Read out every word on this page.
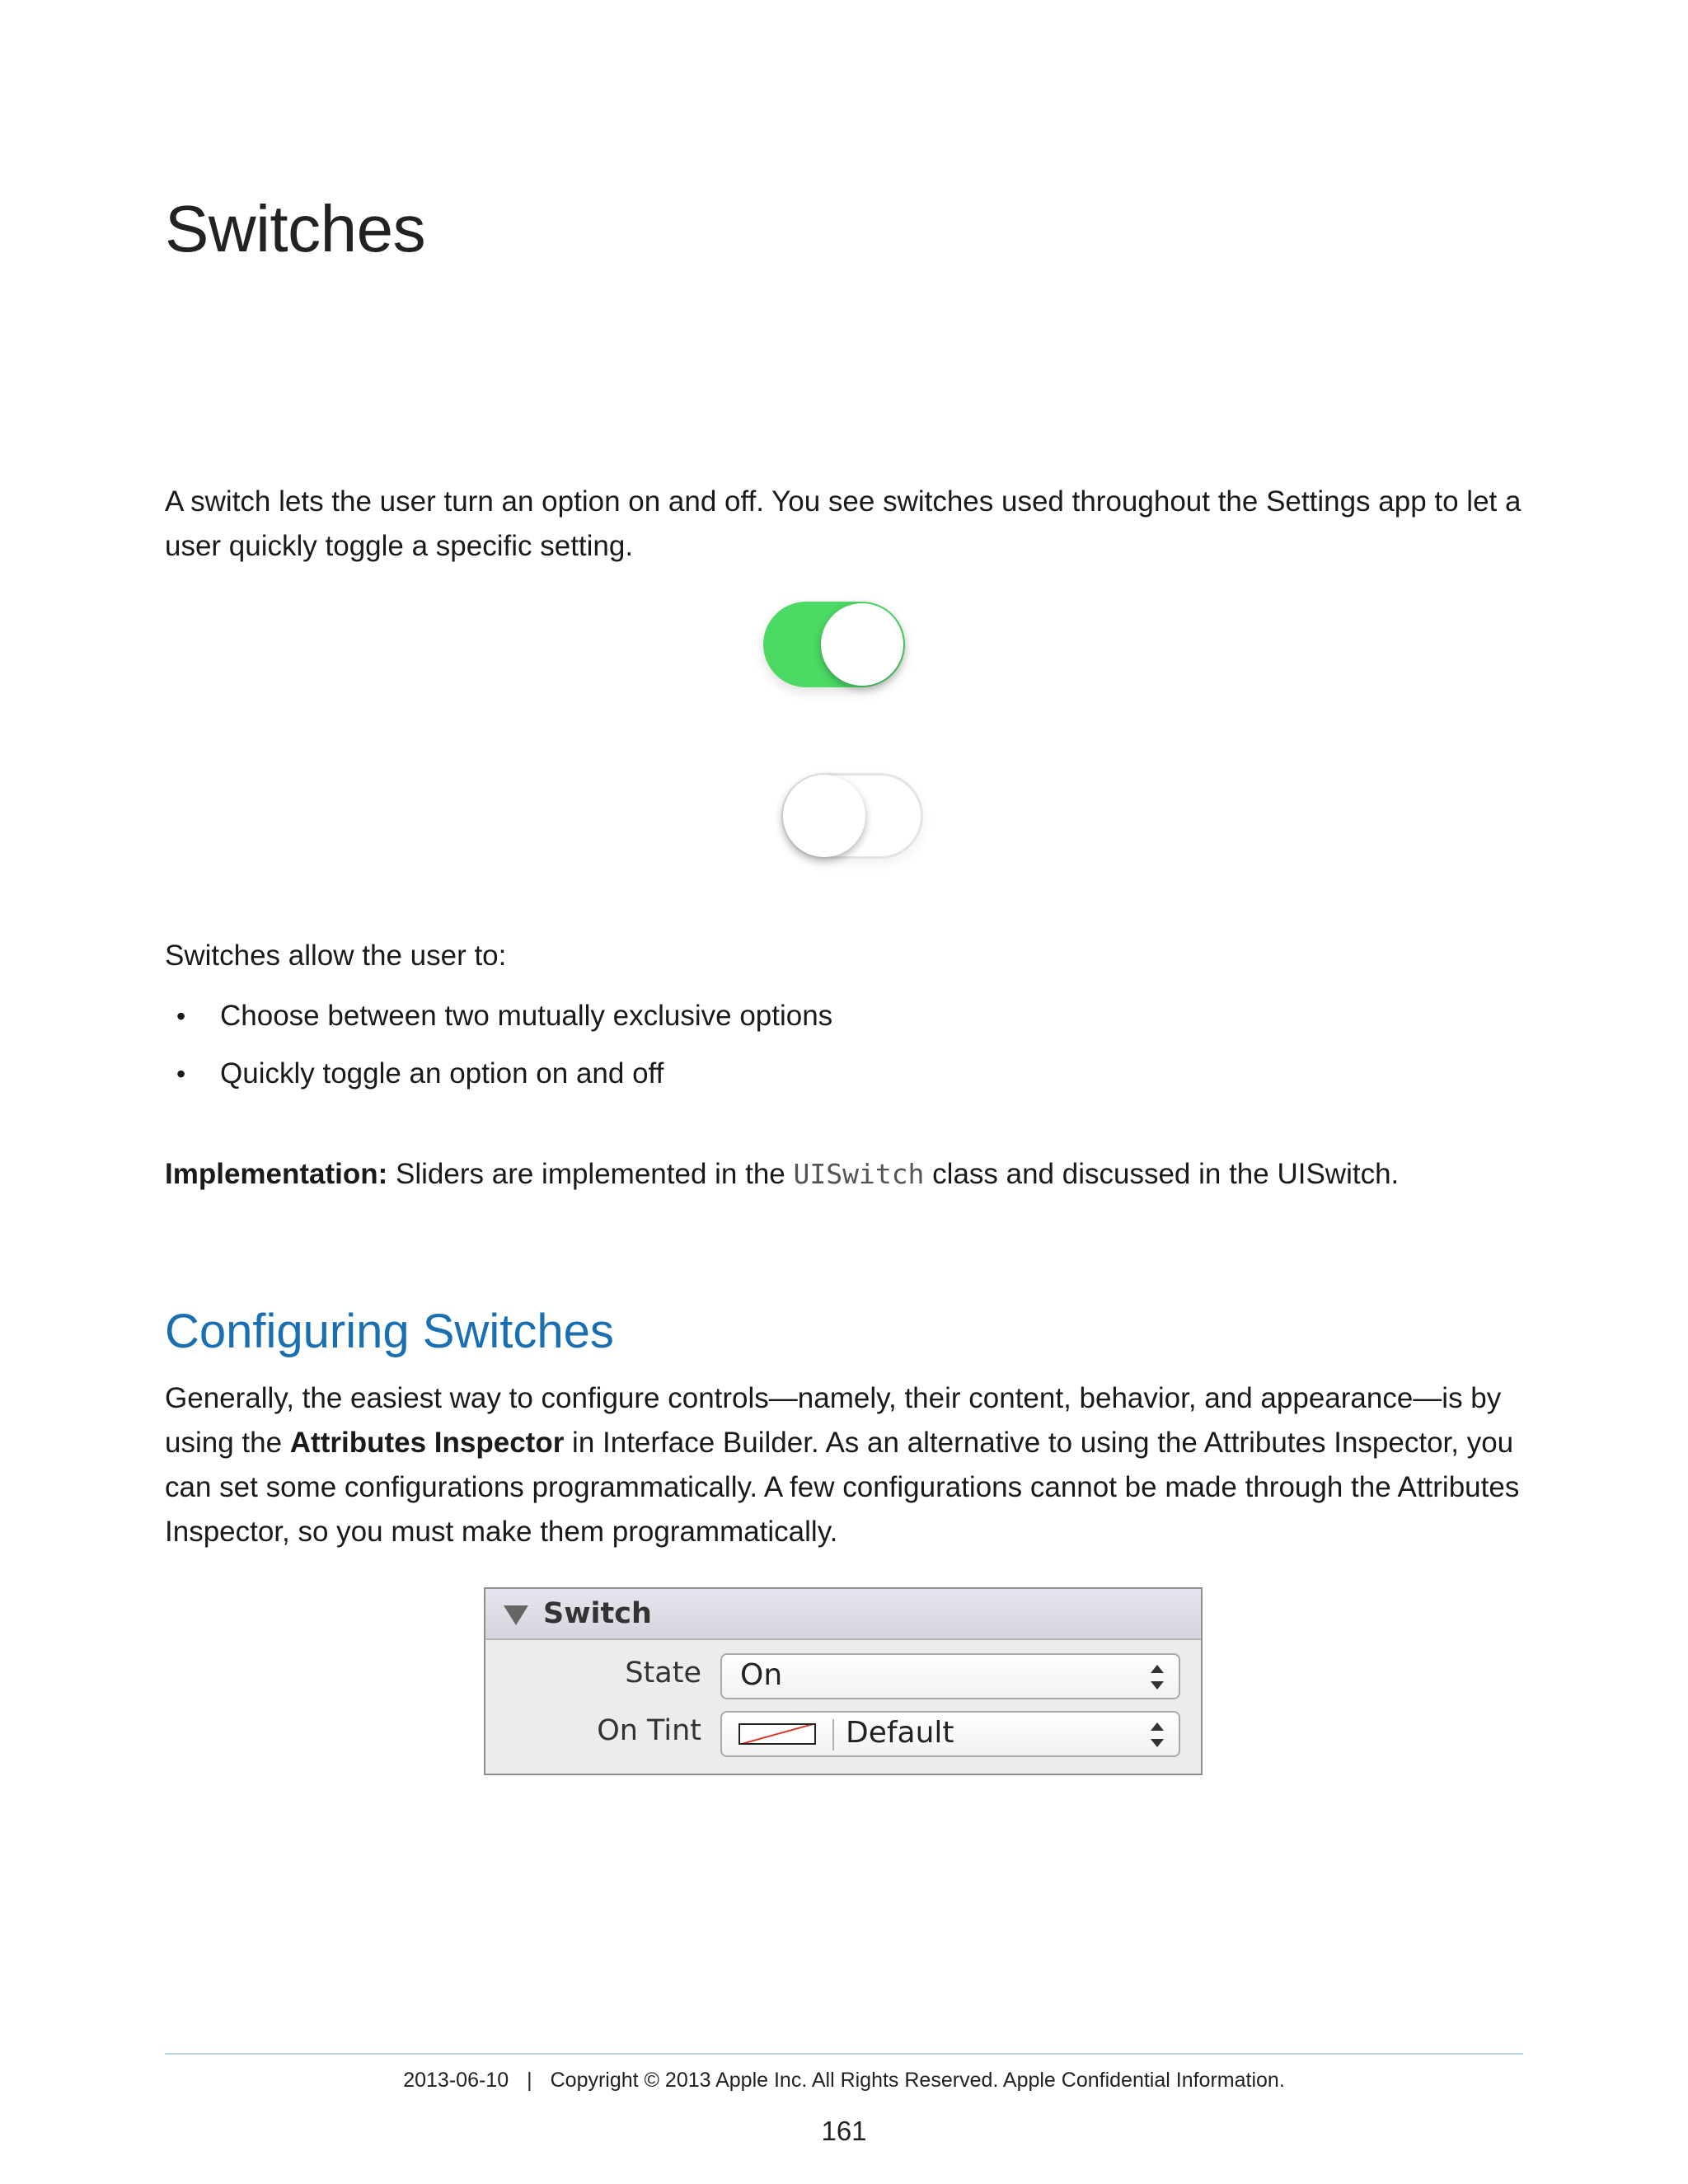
Switches

A switch lets the user turn an option on and off. You see switches used throughout the Settings app to let a user quickly toggle a specific setting.

Switches allow the user to:

• Choose between two mutually exclusive options
• Quickly toggle an option on and off

Implementation: Sliders are implemented in the UISwitch class and discussed in the UISwitch.

Configuring Switches

Generally, the easiest way to configure controls—namely, their content, behavior, and appearance—is by using the Attributes Inspector in Interface Builder. As an alternative to using the Attributes Inspector, you can set some configurations programmatically. A few configurations cannot be made through the Attributes Inspector, so you must make them programmatically.

Switch
State On
On Tint	Default
2013-06-10 | Copyright © 2013 Apple Inc. All Rights Reserved. Apple Confidential Information.
161
